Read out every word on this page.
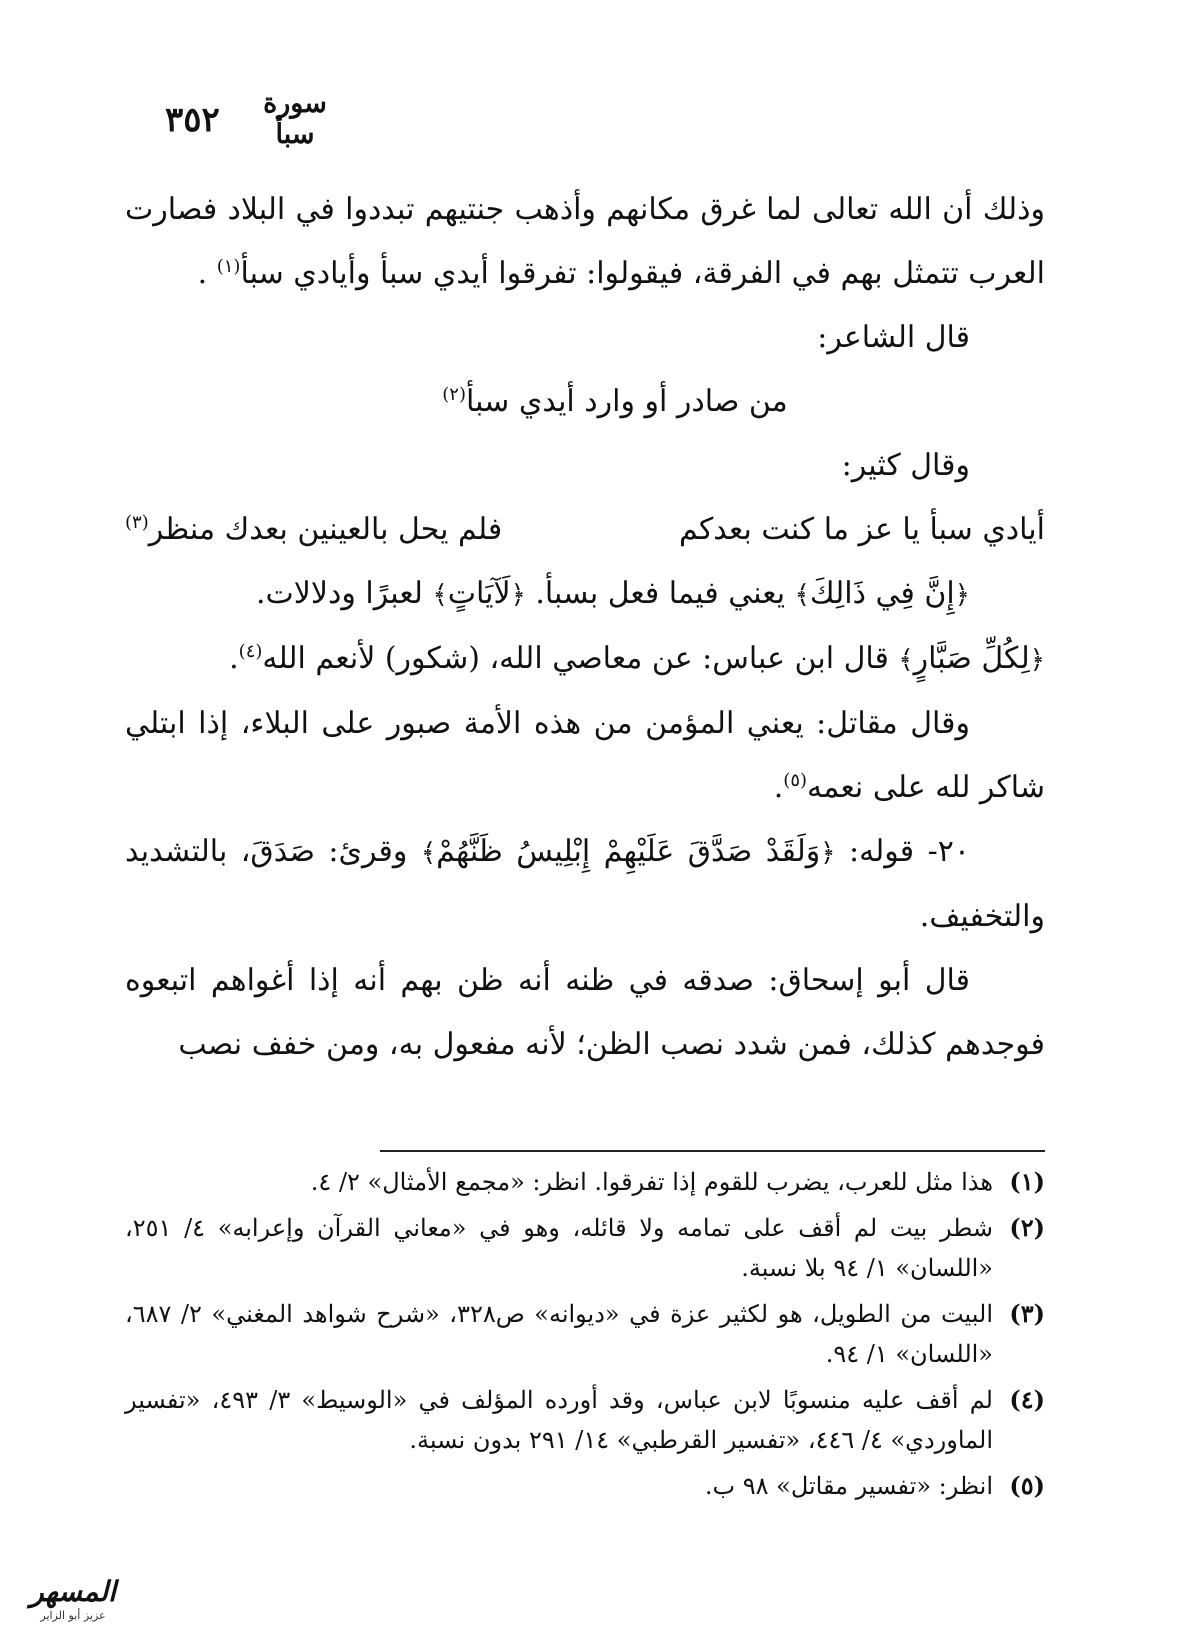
٣٥٢	سورة سبأ

وذلك أن الله تعالى لما غرق مكانهم وأذهب جنتيهم تبددوا في البلاد فصارت العرب تتمثل بهم في الفرقة، فيقولوا: تفرقوا أيدي سبأ وأيادي سبأ$^{(١)}$ .

قال الشاعر:

من صادر أو وارد أيدي سبأ$^{(٢)}$

وقال كثير:

أيادي سبأ يا عز ما كنت بعدكم
فلم يحل بالعينين بعدك منظر$^{(٣)}$

﴿إِنَّ فِي ذَالِكَ﴾ يعني فيما فعل بسبأ. ﴿لَآيَاتٍ﴾ لعبرًا ودلالات.

﴿لِكُلِّ صَبَّارٍ﴾ قال ابن عباس: عن معاصي الله، (شكور) لأنعم الله$^{(٤)}$.

وقال مقاتل: يعني المؤمن من هذه الأمة صبور على البلاء، إذا ابتلي شاكر لله على نعمه$^{(٥)}$.

٢٠- قوله: ﴿وَلَقَدْ صَدَّقَ عَلَيْهِمْ إِبْلِيسُ ظَنَّهُمْ﴾ وقرئ: صَدَقَ، بالتشديد والتخفيف.

قال أبو إسحاق: صدقه في ظنه أنه ظن بهم أنه إذا أغواهم اتبعوه فوجدهم كذلك، فمن شدد نصب الظن؛ لأنه مفعول به، ومن خفف نصب

(١)
هذا مثل للعرب، يضرب للقوم إذا تفرقوا. انظر: «مجمع الأمثال» ٢/ ٤.
(٢)
شطر بيت لم أقف على تمامه ولا قائله، وهو في «معاني القرآن وإعرابه» ٤/ ٢٥١، «اللسان» ١/ ٩٤ بلا نسبة.
(٣)
البيت من الطويل، هو لكثير عزة في «ديوانه» ص٣٢٨، «شرح شواهد المغني» ٢/ ٦٨٧، «اللسان» ١/ ٩٤.
(٤)
لم أقف عليه منسوبًا لابن عباس، وقد أورده المؤلف في «الوسيط» ٣/ ٤٩٣، «تفسير الماوردي» ٤/ ٤٤٦، «تفسير القرطبي» ١٤/ ٢٩١ بدون نسبة.
(٥)
انظر: «تفسير مقاتل» ٩٨ ب.
المسهر
عزيز أبو الزاير
